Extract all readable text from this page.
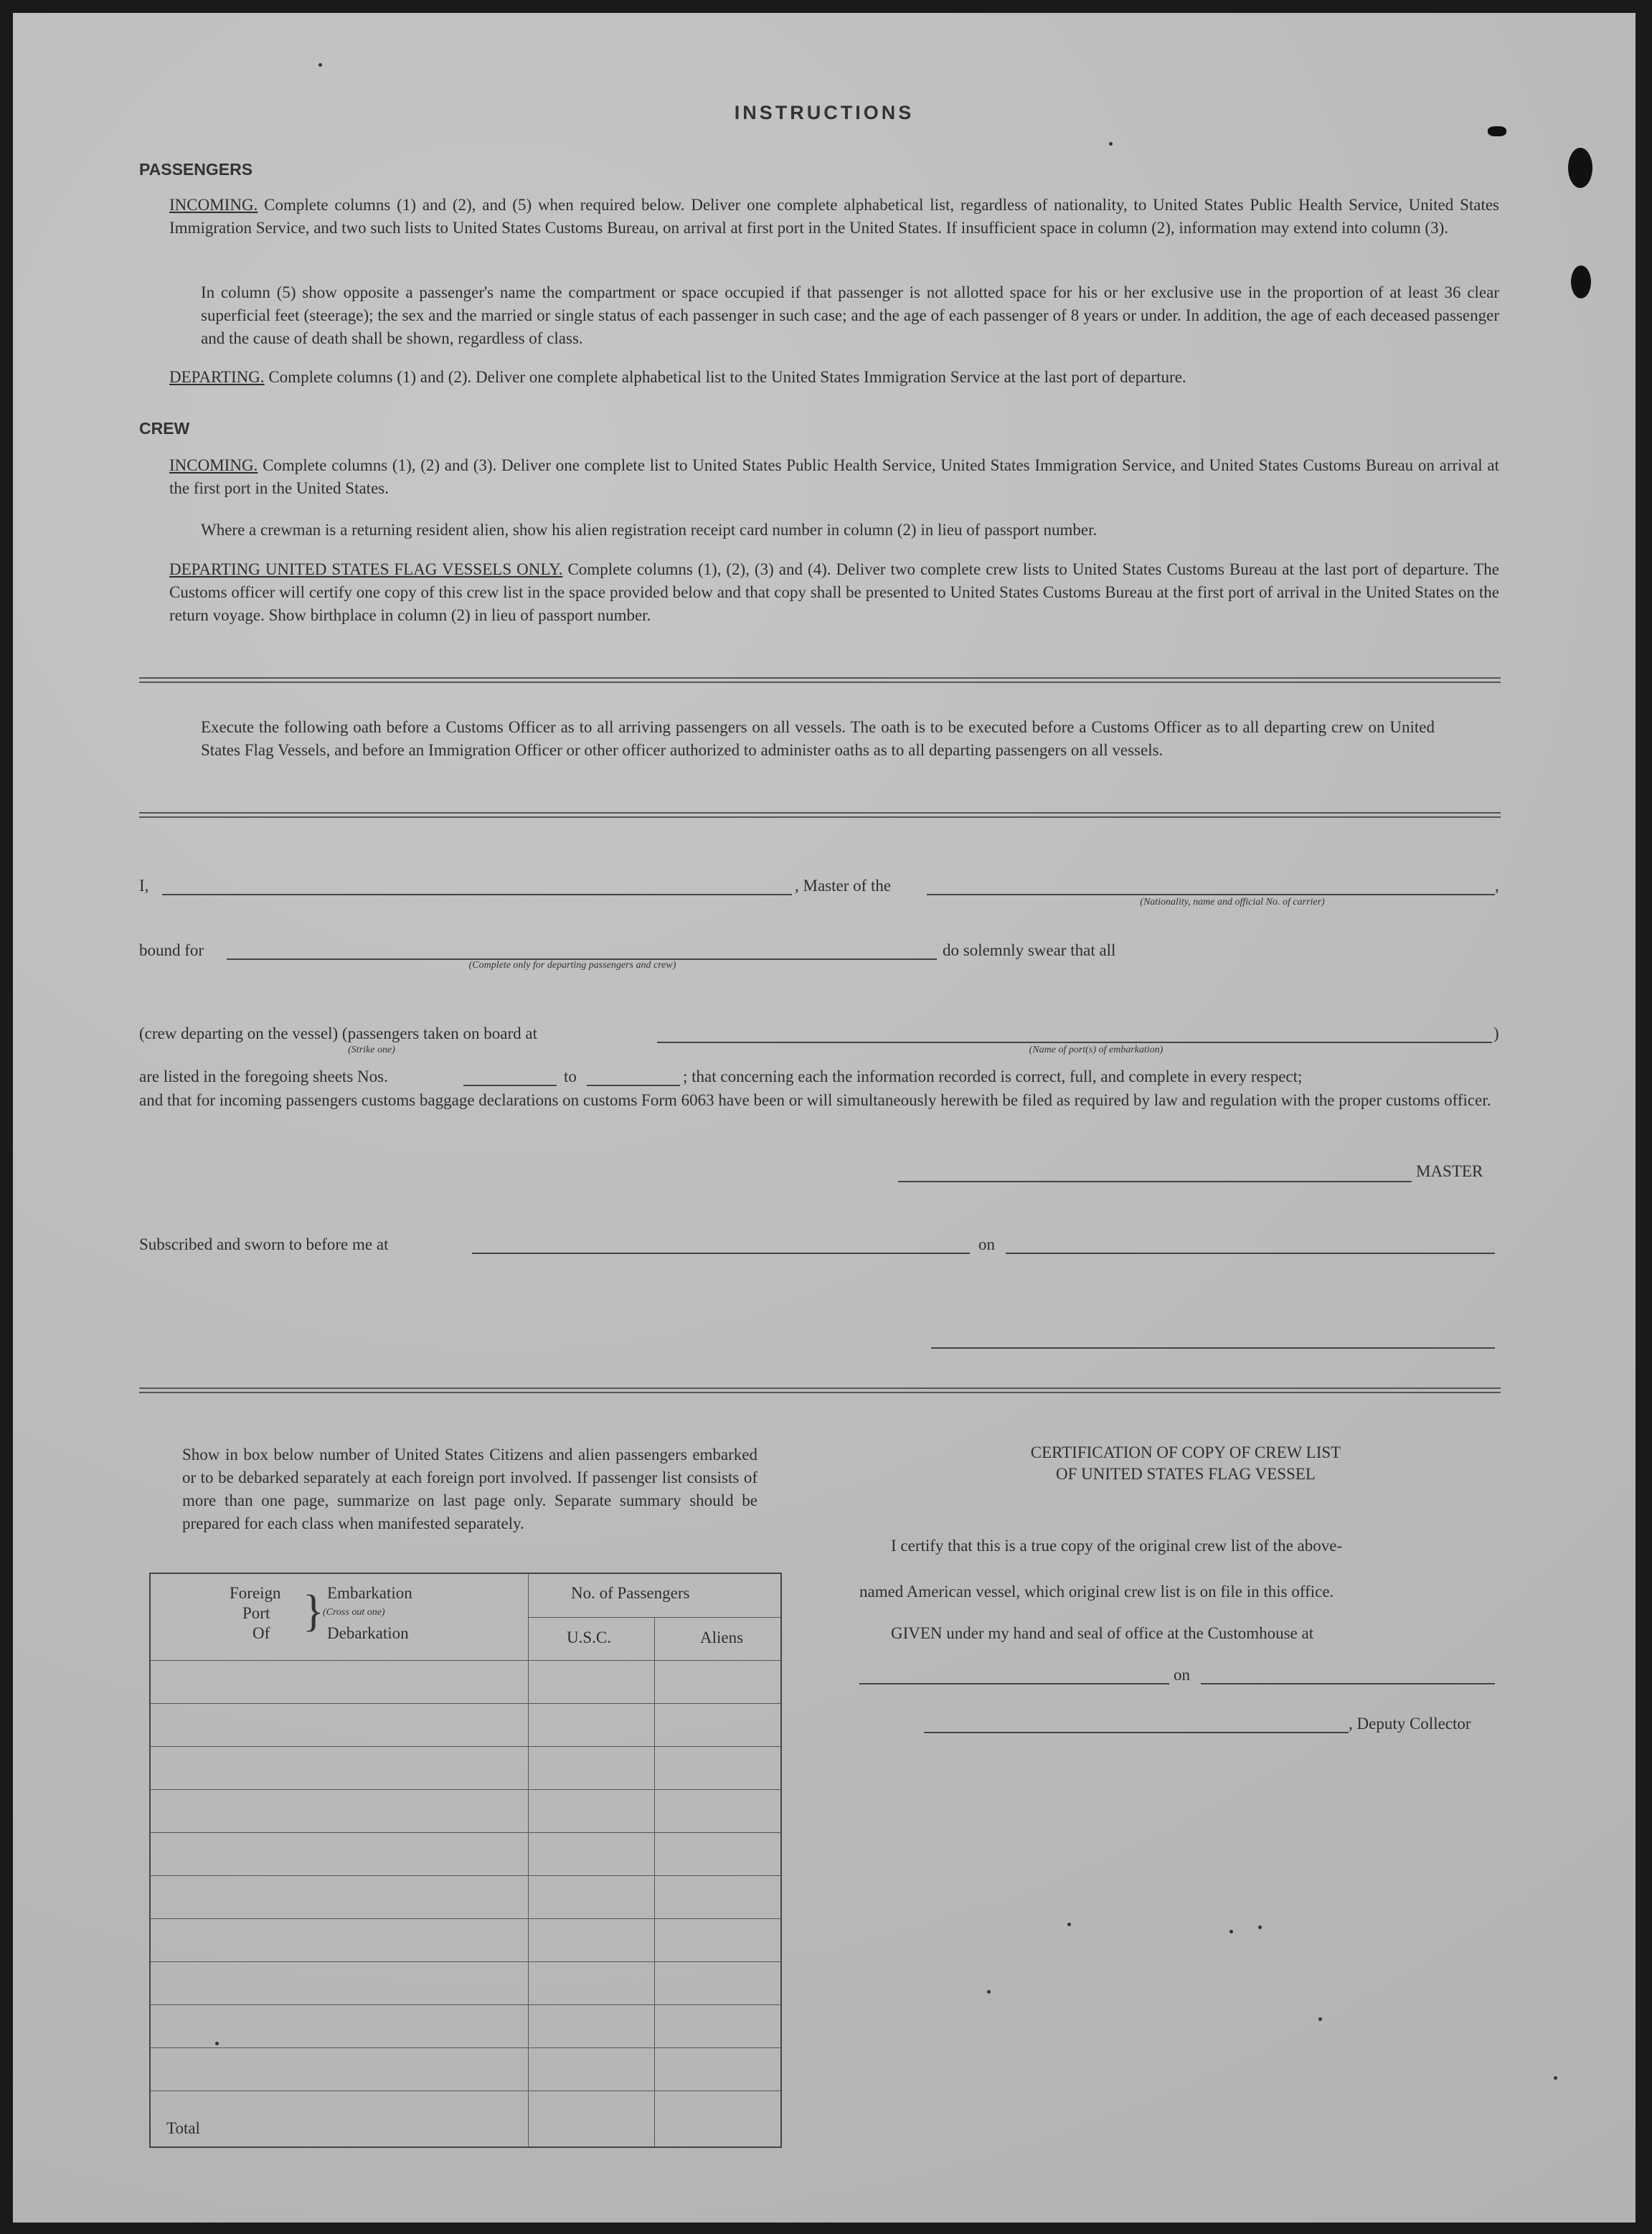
INSTRUCTIONS
PASSENGERS
INCOMING. Complete columns (1) and (2), and (5) when required below. Deliver one complete alphabetical list, regardless of nationality, to United States Public Health Service, United States Immigration Service, and two such lists to United States Customs Bureau, on arrival at first port in the United States. If insufficient space in column (2), information may extend into column (3).
In column (5) show opposite a passenger's name the compartment or space occupied if that passenger is not allotted space for his or her exclusive use in the proportion of at least 36 clear superficial feet (steerage); the sex and the married or single status of each passenger in such case; and the age of each passenger of 8 years or under. In addition, the age of each deceased passenger and the cause of death shall be shown, regardless of class.
DEPARTING. Complete columns (1) and (2). Deliver one complete alphabetical list to the United States Immigration Service at the last port of departure.
CREW
INCOMING. Complete columns (1), (2) and (3). Deliver one complete list to United States Public Health Service, United States Immigration Service, and United States Customs Bureau on arrival at the first port in the United States.
Where a crewman is a returning resident alien, show his alien registration receipt card number in column (2) in lieu of passport number.
DEPARTING UNITED STATES FLAG VESSELS ONLY. Complete columns (1), (2), (3) and (4). Deliver two complete crew lists to United States Customs Bureau at the last port of departure. The Customs officer will certify one copy of this crew list in the space provided below and that copy shall be presented to United States Customs Bureau at the first port of arrival in the United States on the return voyage. Show birthplace in column (2) in lieu of passport number.
Execute the following oath before a Customs Officer as to all arriving passengers on all vessels. The oath is to be executed before a Customs Officer as to all departing crew on United States Flag Vessels, and before an Immigration Officer or other officer authorized to administer oaths as to all departing passengers on all vessels.
I,	, Master of the	,
(Nationality, name and official No. of carrier)
bound for
(Complete only for departing passengers and crew)
do solemnly swear that all
(crew departing on the vessel) (passengers taken on board at	)
(Strike one)	(Name of port(s) of embarkation)
are listed in the foregoing sheets Nos.	to	; that concerning each the information recorded is correct, full, and complete in every respect;
and that for incoming passengers customs baggage declarations on customs Form 6063 have been or will simultaneously herewith be filed as required by law and regulation with the proper customs officer.
MASTER
Subscribed and sworn to before me at	on
Show in box below number of United States Citizens and alien passengers embarked or to be debarked separately at each foreign port involved. If passenger list consists of more than one page, summarize on last page only. Separate summary should be prepared for each class when manifested separately.
Foreign
Port
Of } Embarkation
(Cross out one)
Debarkation
No. of Passengers
U.S.C.	Aliens
Total
CERTIFICATION OF COPY OF CREW LIST
OF UNITED STATES FLAG VESSEL
I certify that this is a true copy of the original crew list of the above-
named American vessel, which original crew list is on file in this office.
GIVEN under my hand and seal of office at the Customhouse at
on
, Deputy Collector
